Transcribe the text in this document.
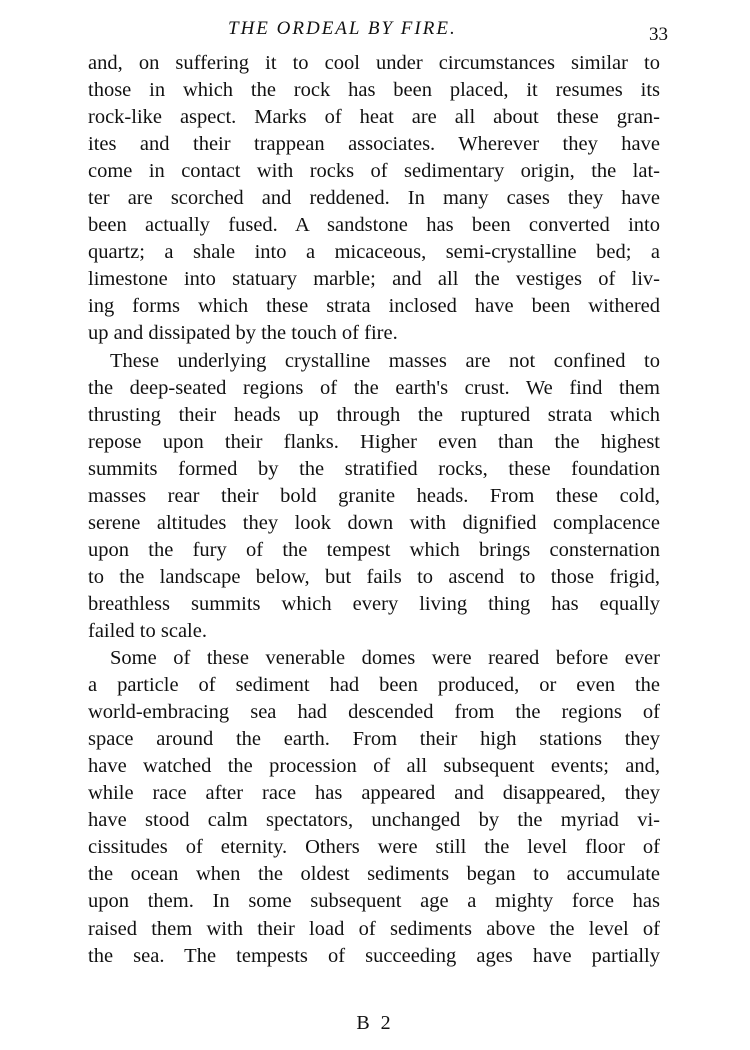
THE ORDEAL BY FIRE.	33

and, on suffering it to cool under circumstances similar to
those in which the rock has been placed, it resumes its
rock-like aspect. Marks of heat are all about these gran-
ites and their trappean associates. Wherever they have
come in contact with rocks of sedimentary origin, the lat-
ter are scorched and reddened. In many cases they have
been actually fused. A sandstone has been converted into
quartz; a shale into a micaceous, semi-crystalline bed; a
limestone into statuary marble; and all the vestiges of liv-
ing forms which these strata inclosed have been withered
up and dissipated by the touch of fire.

These underlying crystalline masses are not confined to
the deep-seated regions of the earth's crust. We find them
thrusting their heads up through the ruptured strata which
repose upon their flanks. Higher even than the highest
summits formed by the stratified rocks, these foundation
masses rear their bold granite heads. From these cold,
serene altitudes they look down with dignified complacence
upon the fury of the tempest which brings consternation
to the landscape below, but fails to ascend to those frigid,
breathless summits which every living thing has equally
failed to scale.

Some of these venerable domes were reared before ever
a particle of sediment had been produced, or even the
world-embracing sea had descended from the regions of
space around the earth. From their high stations they
have watched the procession of all subsequent events; and,
while race after race has appeared and disappeared, they
have stood calm spectators, unchanged by the myriad vi-
cissitudes of eternity. Others were still the level floor of
the ocean when the oldest sediments began to accumulate
upon them. In some subsequent age a mighty force has
raised them with their load of sediments above the level of
the sea. The tempests of succeeding ages have partially

B 2
